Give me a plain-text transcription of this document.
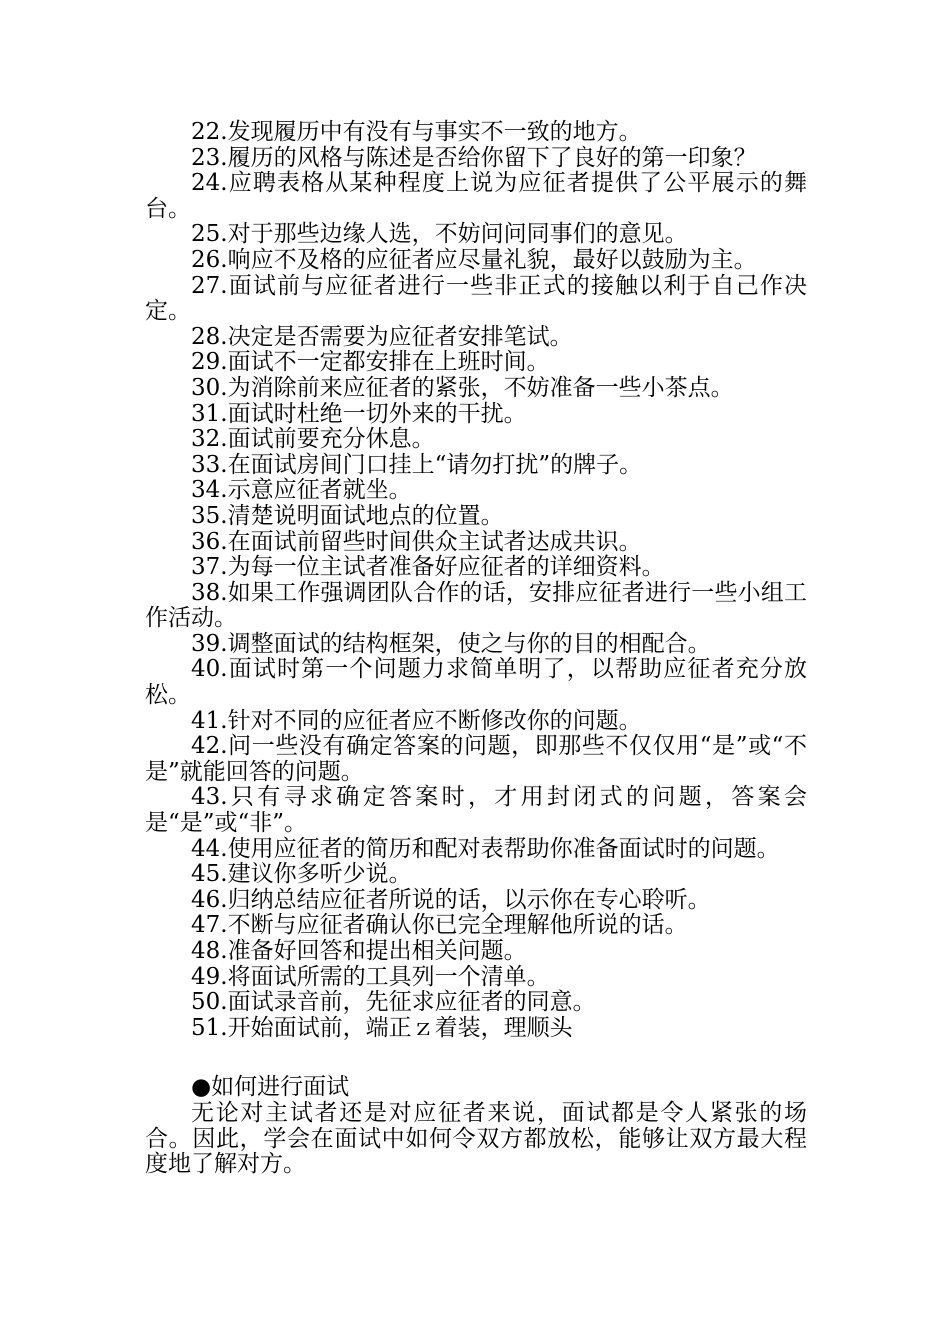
22.发现履历中有没有与事实不一致的地方。

23.履历的风格与陈述是否给你留下了良好的第一印象？

24.应聘表格从某种程度上说为应征者提供了公平展示的舞台。

25.对于那些边缘人选，不妨问问同事们的意见。

26.响应不及格的应征者应尽量礼貌，最好以鼓励为主。

27.面试前与应征者进行一些非正式的接触以利于自己作决定。

28.决定是否需要为应征者安排笔试。

29.面试不一定都安排在上班时间。

30.为消除前来应征者的紧张，不妨准备一些小茶点。

31.面试时杜绝一切外来的干扰。

32.面试前要充分休息。

33.在面试房间门口挂上“请勿打扰”的牌子。

34.示意应征者就坐。

35.清楚说明面试地点的位置。

36.在面试前留些时间供众主试者达成共识。

37.为每一位主试者准备好应征者的详细资料。

38.如果工作强调团队合作的话，安排应征者进行一些小组工作活动。

39.调整面试的结构框架，使之与你的目的相配合。

40.面试时第一个问题力求简单明了，以帮助应征者充分放松。

41.针对不同的应征者应不断修改你的问题。

42.问一些没有确定答案的问题，即那些不仅仅用“是”或“不是”就能回答的问题。

43.只有寻求确定答案时，才用封闭式的问题，答案会是“是”或“非”。

44.使用应征者的简历和配对表帮助你准备面试时的问题。

45.建议你多听少说。

46.归纳总结应征者所说的话，以示你在专心聆听。

47.不断与应征者确认你已完全理解他所说的话。

48.准备好回答和提出相关问题。

49.将面试所需的工具列一个清单。

50.面试录音前，先征求应征者的同意。

51.开始面试前，端正ｚ着装，理顺头

●如何进行面试

无论对主试者还是对应征者来说，面试都是令人紧张的场合。因此，学会在面试中如何令双方都放松，能够让双方最大程度地了解对方。
